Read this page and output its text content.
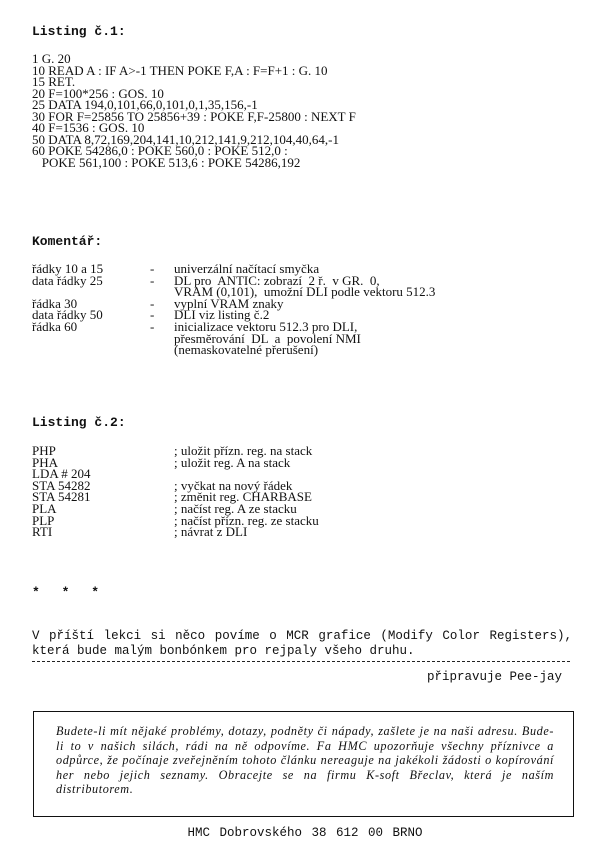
Listing č.1:
1 G. 20
10 READ A : IF A>-1 THEN POKE F,A : F=F+1 : G. 10
15 RET.
20 F=100*256 : GOS. 10
25 DATA 194,0,101,66,0,101,0,1,35,156,-1
30 FOR F=25856 TO 25856+39 : POKE F,F-25800 : NEXT F
40 F=1536 : GOS. 10
50 DATA 8,72,169,204,141,10,212,141,9,212,104,40,64,-1
60 POKE 54286,0 : POKE 560,0 : POKE 512,0 :
POKE 561,100 : POKE 513,6 : POKE 54286,192
Komentář:
řádky 10 a 15	-	univerzální načítací smyčka
data řádky 25	-	DL pro  ANTIC: zobrazí  2 ř.  v GR.  0,
VRAM (0,101),  umožní DLI podle vektoru 512.3
řádka 30	-	vyplní VRAM znaky
data řádky 50	-	DLI viz listing č.2
řádka 60	-	inicializace vektoru 512.3 pro DLI,
přesměrování  DL  a  povolení NMI
(nemaskovatelné přerušení)
Listing č.2:
PHP	; uložit přízn. reg. na stack
PHA	; uložit reg. A na stack
LDA # 204
STA 54282	; vyčkat na nový řádek
STA 54281	; změnit reg. CHARBASE
PLA	; načíst reg. A ze stacku
PLP	; načíst přízn. reg. ze stacku
RTI	; návrat z DLI
* * *
V příští lekci si něco povíme o MCR grafice (Modify Color Registers), která bude malým bonbónkem pro rejpaly všeho druhu.
připravuje Pee-jay
Budete-li mít nějaké problémy, dotazy, podněty či nápady, zašlete je na naši adresu. Bude-li to v našich silách, rádi na ně odpovíme. Fa HMC upozorňuje všechny příznivce a odpůrce, že počínaje zveřejněním tohoto článku nereaguje na jakékoli žádosti o kopírování her nebo jejich seznamy. Obracejte se na firmu K-soft Břeclav, která je naším distributorem.
HMC Dobrovského 38 612 00 BRNO
